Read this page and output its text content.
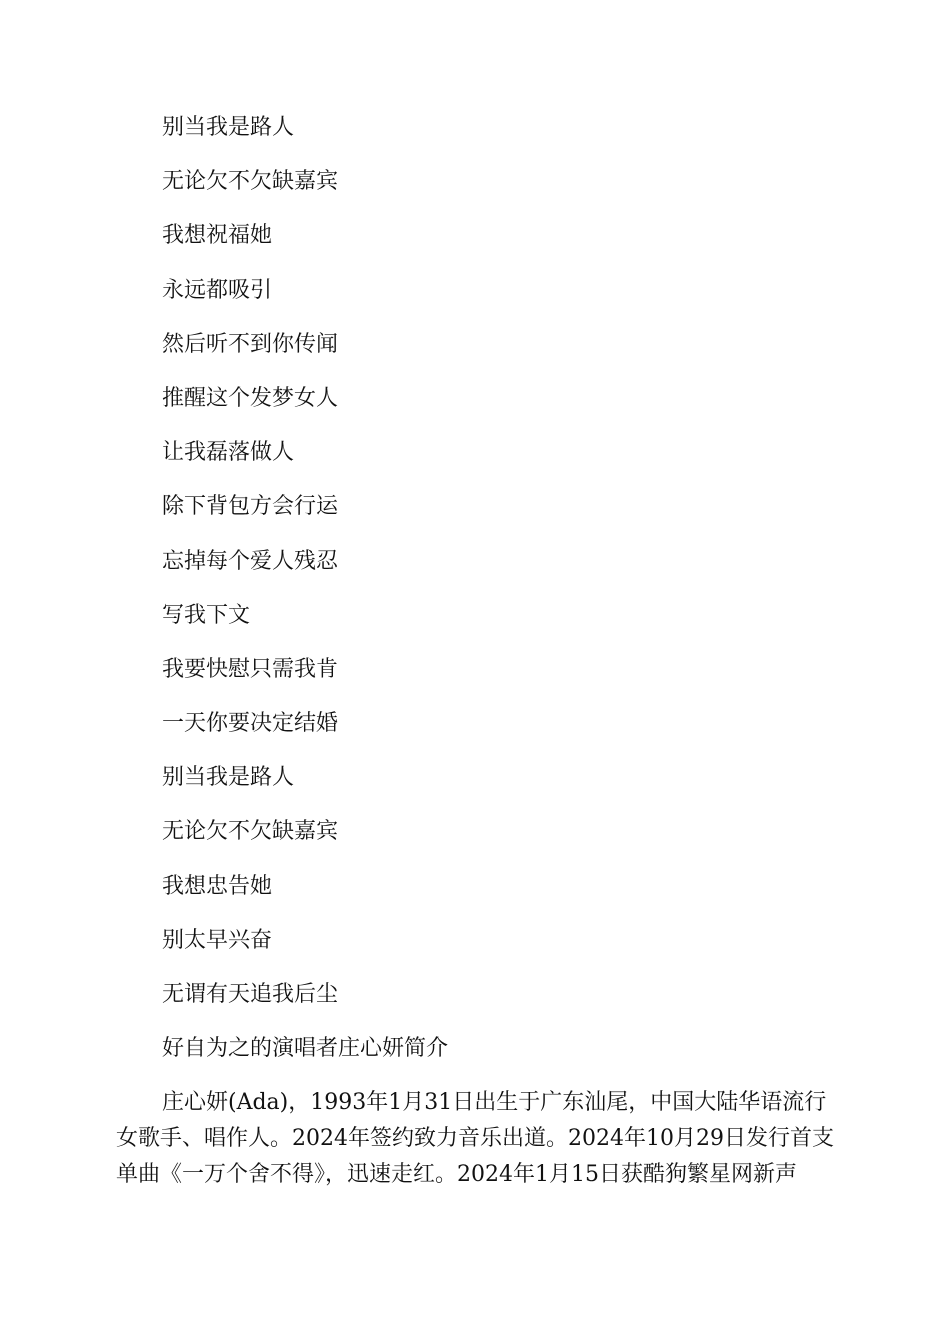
别当我是路人
无论欠不欠缺嘉宾
我想祝福她
永远都吸引
然后听不到你传闻
推醒这个发梦女人
让我磊落做人
除下背包方会行运
忘掉每个爱人残忍
写我下文
我要快慰只需我肯
一天你要决定结婚
别当我是路人
无论欠不欠缺嘉宾
我想忠告她
别太早兴奋
无谓有天追我后尘
好自为之的演唱者庄心妍简介

庄心妍(Ada)，1993年1月31日出生于广东汕尾，中国大陆华语流行
女歌手、唱作人。2024年签约致力音乐出道。2024年10月29日发行首支
单曲《一万个舍不得》，迅速走红。2024年1月15日获酷狗繁星网新声
